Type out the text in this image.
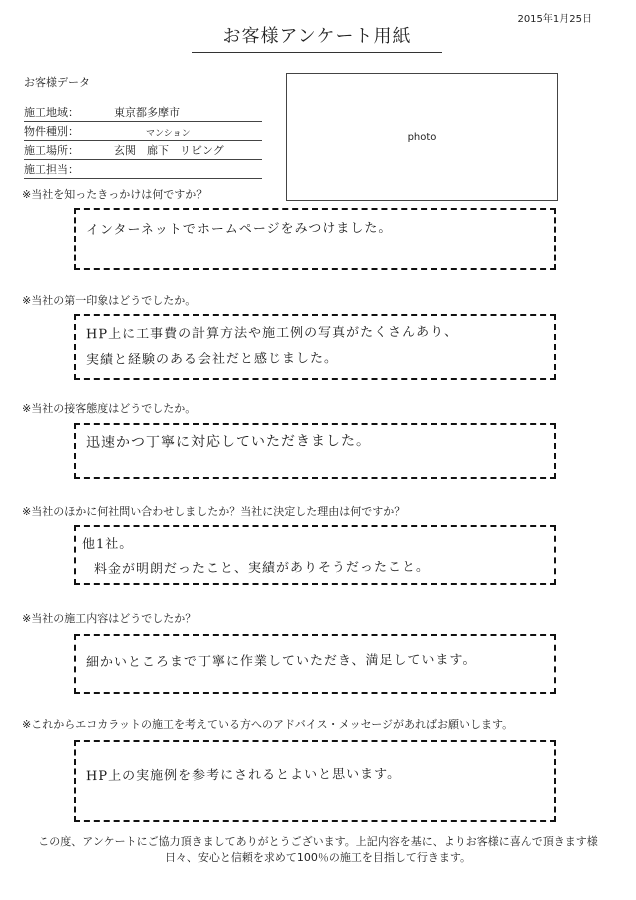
2015年1月25日
お客様アンケート用紙
お客様データ
施工地域：	東京都多摩市
物件種別：	マンション
施工場所：	玄関　廊下　リビング
施工担当：
photo
※当社を知ったきっかけは何ですか？
インターネットでホームページをみつけました。
※当社の第一印象はどうでしたか。
HP上に工事費の計算方法や施工例の写真がたくさんあり、
実績と経験のある会社だと感じました。
※当社の接客態度はどうでしたか。
迅速かつ丁寧に対応していただきました。
※当社のほかに何社問い合わせしましたか？当社に決定した理由は何ですか？
他1社。
料金が明朗だったこと、実績がありそうだったこと。
※当社の施工内容はどうでしたか？
細かいところまで丁寧に作業していただき、満足しています。
※これからエコカラットの施工を考えている方へのアドバイス・メッセージがあればお願いします。
HP上の実施例を参考にされるとよいと思います。
この度、アンケートにご協力頂きましてありがとうございます。上記内容を基に、よりお客様に喜んで頂きます様
日々、安心と信頼を求めて100％の施工を目指して行きます。
